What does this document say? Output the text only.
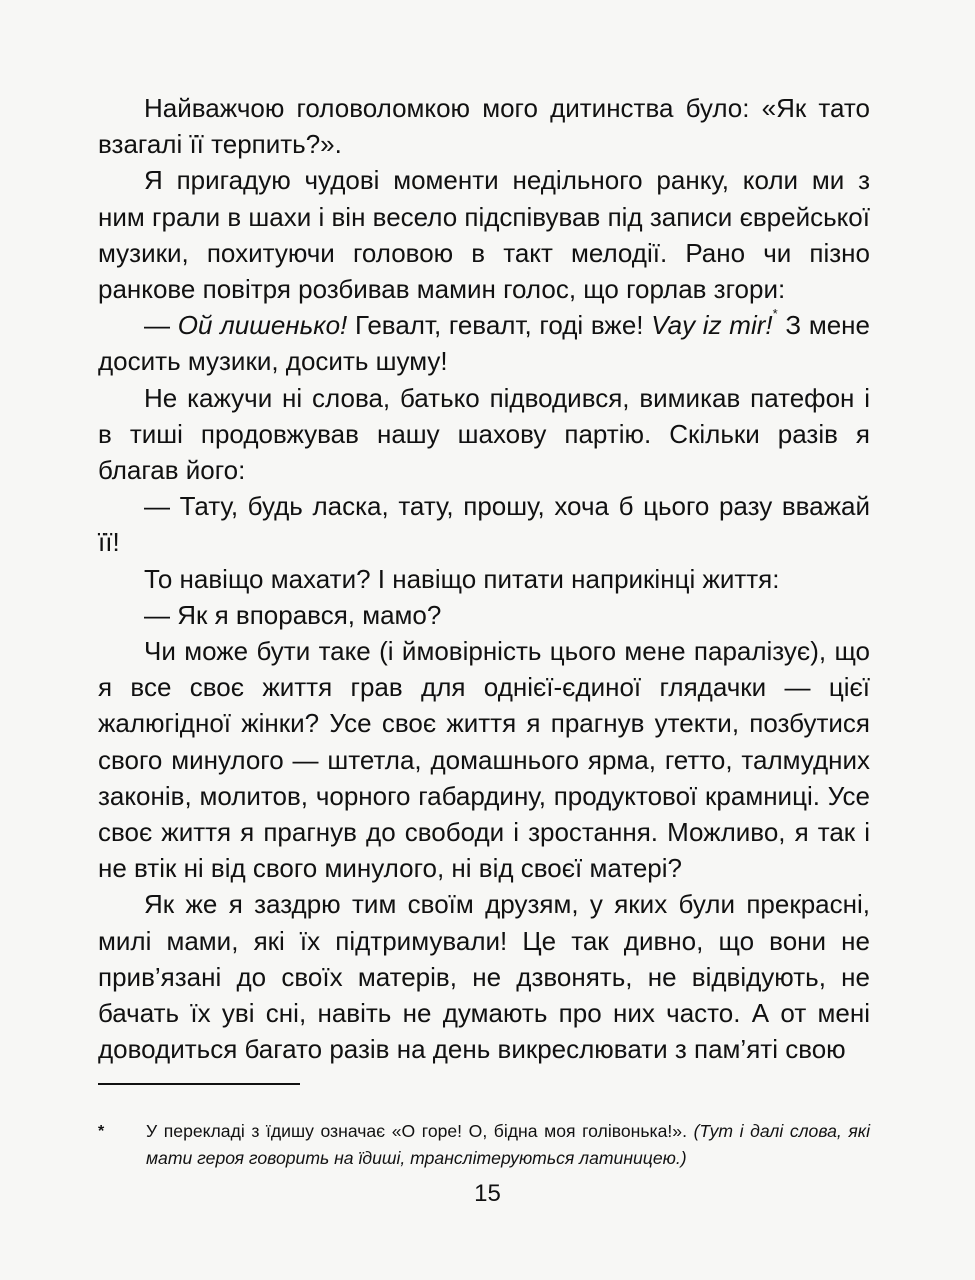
Найважчою головоломкою мого дитинства було: «Як тато взагалі її терпить?».

Я пригадую чудові моменти недільного ранку, коли ми з ним грали в шахи і він весело підспівував під записи єврейської музики, похитуючи головою в такт мелодії. Рано чи пізно ранкове повітря розбивав мамин голос, що горлав згори:

— Ой лишенько! Гевалт, гевалт, годі вже! Vay iz mir!* З мене досить музики, досить шуму!

Не кажучи ні слова, батько підводився, вимикав патефон і в тиші продовжував нашу шахову партію. Скільки разів я благав його:

— Тату, будь ласка, тату, прошу, хоча б цього разу вважай її!

То навіщо махати? І навіщо питати наприкінці життя:

— Як я впорався, мамо?

Чи може бути таке (і ймовірність цього мене паралізує), що я все своє життя грав для однієї-єдиної глядачки — цієї жалюгідної жінки? Усе своє життя я прагнув утекти, позбутися свого минулого — штетла, домашнього ярма, гетто, талмудних законів, молитов, чорного габардину, продуктової крамниці. Усе своє життя я прагнув до свободи і зростання. Можливо, я так і не втік ні від свого минулого, ні від своєї матері?

Як же я заздрю тим своїм друзям, у яких були прекрасні, милі мами, які їх підтримували! Це так дивно, що вони не прив’язані до своїх матерів, не дзвонять, не відвідують, не бачать їх уві сні, навіть не думають про них часто. А от мені доводиться багато разів на день викреслювати з пам’яті свою

*	У перекладі з їдишу означає «О горе! О, бідна моя голівонька!». (Тут і далі слова, які мати героя говорить на їдиші, транслітеруються латиницею.)
15
